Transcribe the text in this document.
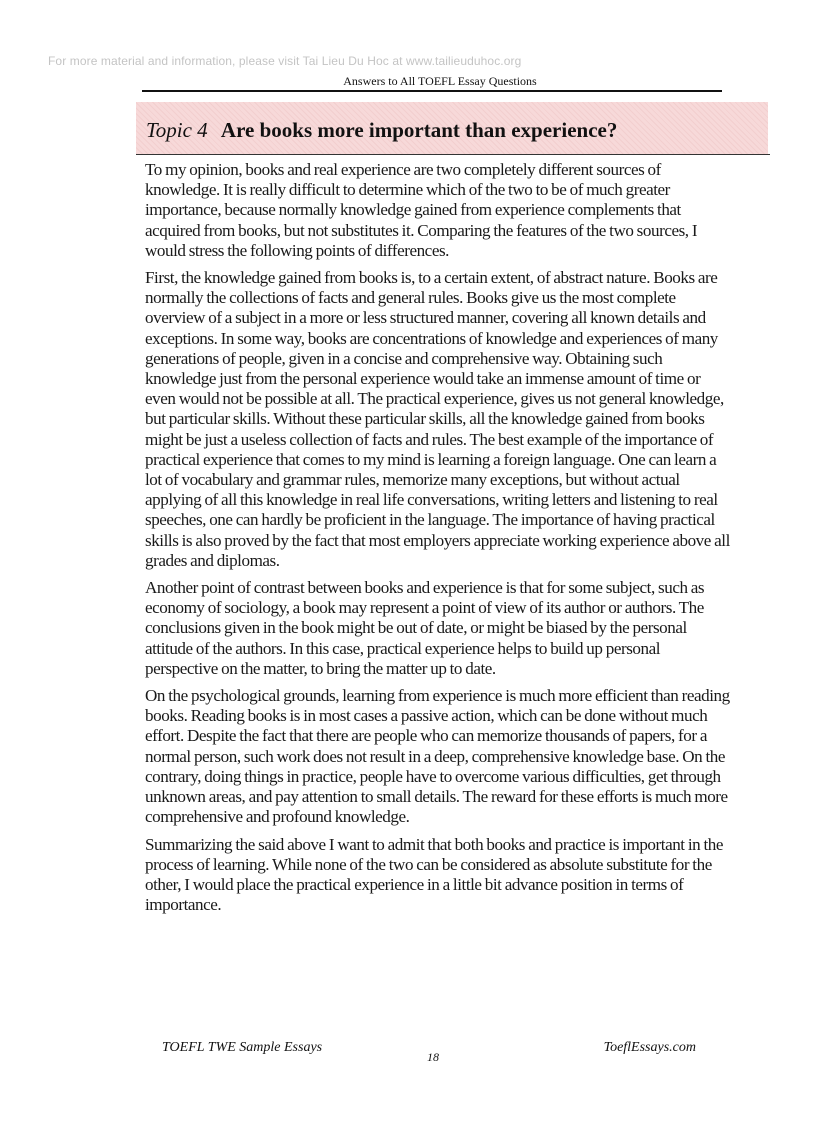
For more material and information, please visit Tai Lieu Du Hoc at www.tailieuduhoc.org
Answers to All TOEFL Essay Questions
Topic 4 Are books more important than experience?

To my opinion, books and real experience are two completely different sources of knowledge. It is really difficult to determine which of the two to be of much greater importance, because normally knowledge gained from experience complements that acquired from books, but not substitutes it. Comparing the features of the two sources, I would stress the following points of differences.

First, the knowledge gained from books is, to a certain extent, of abstract nature. Books are normally the collections of facts and general rules. Books give us the most complete overview of a subject in a more or less structured manner, covering all known details and exceptions. In some way, books are concentrations of knowledge and experiences of many generations of people, given in a concise and comprehensive way. Obtaining such knowledge just from the personal experience would take an immense amount of time or even would not be possible at all. The practical experience, gives us not general knowledge, but particular skills. Without these particular skills, all the knowledge gained from books might be just a useless collection of facts and rules. The best example of the importance of practical experience that comes to my mind is learning a foreign language. One can learn a lot of vocabulary and grammar rules, memorize many exceptions, but without actual applying of all this knowledge in real life conversations, writing letters and listening to real speeches, one can hardly be proficient in the language. The importance of having practical skills is also proved by the fact that most employers appreciate working experience above all grades and diplomas.

Another point of contrast between books and experience is that for some subject, such as economy of sociology, a book may represent a point of view of its author or authors. The conclusions given in the book might be out of date, or might be biased by the personal attitude of the authors. In this case, practical experience helps to build up personal perspective on the matter, to bring the matter up to date.

On the psychological grounds, learning from experience is much more efficient than reading books. Reading books is in most cases a passive action, which can be done without much effort. Despite the fact that there are people who can memorize thousands of papers, for a normal person, such work does not result in a deep, comprehensive knowledge base. On the contrary, doing things in practice, people have to overcome various difficulties, get through unknown areas, and pay attention to small details. The reward for these efforts is much more comprehensive and profound knowledge.

Summarizing the said above I want to admit that both books and practice is important in the process of learning. While none of the two can be considered as absolute substitute for the other, I would place the practical experience in a little bit advance position in terms of importance.

TOEFL TWE Sample Essays
18
ToeflEssays.com
